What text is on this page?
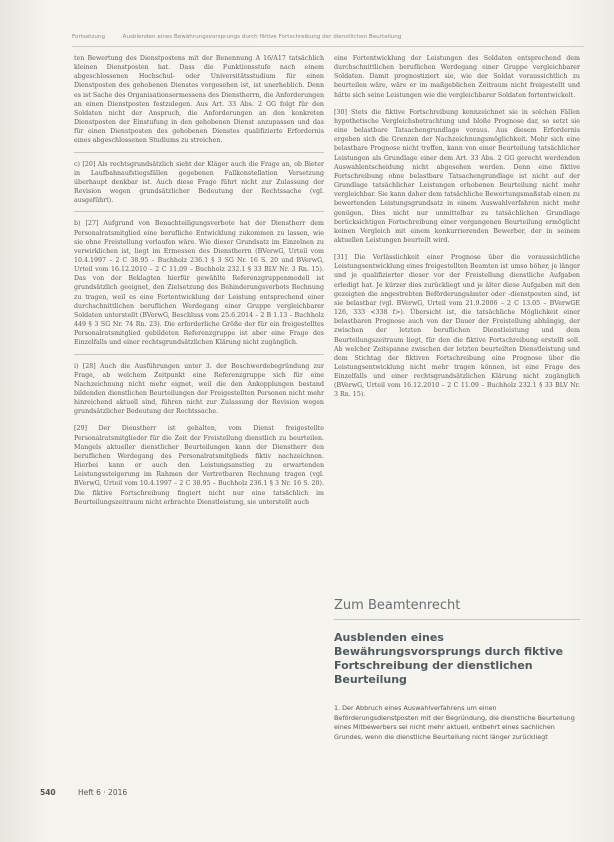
Fortsetzung	Ausblenden eines Bewährungsvorsprungs durch fiktive Fortschreibung der dienstlichen Beurteilung

ten Bewertung des Dienstpostens mit der Benennung A 16/A17 tatsächlich kleinen Dienstposten hat. Dass die Funktionsstufe nach einem abgeschlossenen Hochschul- oder Universitätsstudium für einen Dienstposten des gehobenen Dienstes vorgesehen ist, ist unerheblich. Denn es ist Sache des Organisationsermessens des Dienstherrn, die Anforderungen an einen Dienstposten festzulegen. Aus Art. 33 Abs. 2 GG folgt für den Soldaten nicht der Anspruch, die Anforderungen an den konkreten Dienstposten der Einstufung in den gehobenen Dienst anzupassen und das für einen Dienstposten des gehobenen Dienstes qualifizierte Erfordernis eines abgeschlossenen Studiums zu streichen.

c) [20] Als rechtsgrundsätzlich sieht der Kläger auch die Frage an, ob Bieter in Laufbahnaufstiegsfällen gegebenen Fallkonstellation Versetzung überhaupt denkbar ist. Auch diese Frage führt nicht zur Zulassung der Revision wegen grundsätzlicher Bedeutung der Rechtssache (vgl. ausgeführt).

b) [27] Aufgrund von Benachteiligungsverbote hat der Dienstherr dem Personalratsmitglied eine berufliche Entwicklung zukommen zu lassen, wie sie ohne Freistellung verlaufen wäre. Wie dieser Grundsatz im Einzelnen zu verwirklichen ist, liegt im Ermessen des Dienstherrn (BVerwG, Urteil vom 10.4.1997 – 2 C 38.95 – Buchholz 236.1 § 3 SG Nr. 16 S. 20 und BVerwG, Urteil vom 16.12.2010 – 2 C 11.09 – Buchholz 232.1 § 33 BLV Nr. 3 Rn. 15). Das von der Beklagten hierfür gewählte Referenzgruppenmodell ist grundsätzlich geeignet, den Zielsetzung des Behinderungsverbots Rechnung zu tragen, weil es eine Fortentwicklung der Leistung entsprechend einer durchschnittlichen beruflichen Werdegang einer Gruppe vergleichbarer Soldaten unterstellt (BVerwG, Beschluss vom 25.6.2014 – 2 B 1.13 – Buchholz 449 § 3 SG Nr. 74 Rn. 23). Die erforderliche Größe der für ein freigestelltes Personalratsmitglied gebildeten Referenzgruppe ist aber eine Frage des Einzelfalls und einer rechtsgrundsätzlichen Klärung nicht zugänglich.

i) [28] Auch die Ausführungen unter 3. der Beschwerdebegründung zur Frage, ab welchem Zeitpunkt eine Referenzgruppe sich für eine Nachzeichnung nicht mehr eignet, weil die den Ankopplungen bestand bildenden dienstlichen Beurteilungen der Freigestellten Personen nicht mehr hinreichend aktuell sind, führen nicht zur Zulassung der Revision wegen grundsätzlicher Bedeutung der Rechtssache.

[29] Der Dienstherr ist gehalten, vom Dienst freigestellte Personalratsmitglieder für die Zeit der Freistellung dienstlich zu beurteilen. Mangels aktueller dienstlicher Beurteilungen kann der Dienstherr den beruflichen Werdegang des Personalratsmitglieds fiktiv nachzeichnen. Hierbei kann er auch den Leistungsanstieg zu erwartenden Leistungssteigerung im Rahmen der Vertretbaren Rechnung tragen (vgl. BVerwG, Urteil vom 10.4.1997 – 2 C 38.95 – Buchholz 236.1 § 3 Nr. 16 S. 20). Die fiktive Fortschreibung fingiert nicht nur eine tatsächlich im Beurteilungszeitraum nicht erbrachte Dienstleistung, sie unterstellt auch

eine Fortentwicklung der Leistungen des Soldaten entsprechend dem durchschnittlichen beruflichen Werdegang einer Gruppe vergleichbarer Soldaten. Damit prognostiziert sie, wie der Soldat voraussichtlich zu beurteilen wäre, wäre er im maßgeblichen Zeitraum nicht freigestellt und hätte sich seine Leistungen wie die vergleichbarer Soldaten fortentwickelt.

[30] Stets die fiktive Fortschreibung kennzeichnet sie in solchen Fällen hypothetische Vergleichsbetrachtung und bloße Prognose dar, so setzt sie eine belastbare Tatsachengrundlage voraus. Aus diesem Erfordernis ergeben sich die Grenzen der Nachzeichnungsmöglichkeit. Mehr sich eine belastbare Prognose nicht treffen, kann von einer Beurteilung tatsächlicher Leistungen als Grundlage einer dem Art. 33 Abs. 2 GG gerecht werdenden Auswahlentscheidung nicht abgesehen werden. Denn eine fiktive Fortschreibung ohne belastbare Tatsachengrundlage ist nicht auf der Grundlage tatsächlicher Leistungen erhobenen Beurteilung nicht mehr vergleichbar. Sie kann daher dem tatsächliche Bewertungsmaßstab einen zu bewertenden Leistungsgrundsatz in einem Auswahlverfahren nicht mehr genügen. Dies nicht nur unmittelbar zu tatsächlichen Grundlage berücksichtigen Fortschreibung einer vergangenen Beurteilung ermöglicht keinen Vergleich mit einem konkurrierenden Bewerber, der in seinem aktuellen Leistungen beurteilt wird.

[31] Die Verlässlichkeit einer Prognose über die voraussichtliche Leistungsentwicklung eines freigestellten Beamten ist umso höher, je länger und je qualifizierter dieser vor der Freistellung dienstliche Aufgaben erledigt hat. Je kürzer dies zurückliegt und je älter diese Aufgaben mit den gezeigten die angestrebten Beförderungsämter oder -dienstposten sind, ist sie belastbar (vgl. BVerwG, Urteil vom 21.9.2006 – 2 C 13.05 – BVerwGE 126, 333 <338 f>). Übersicht ist, die tatsächliche Möglichkeit einer belastbaren Prognose auch von der Dauer der Freistellung abhängig, der zwischen der letzten beruflichen Dienstleistung und dem Beurteilungszeitraum liegt, für den die fiktive Fortschreibung erstellt soll. Ab welcher Zeitspanne zwischen der letzten beurteilten Dienstleistung und dem Stichtag der fiktiven Fortschreibung eine Prognose über die Leistungsentwicklung nicht mehr tragen können, ist eine Frage des Einzelfalls und einer rechtsgrundsätzlichen Klärung nicht zugänglich (BVerwG, Urteil vom 16.12.2010 – 2 C 11.09 – Buchholz 232.1 § 33 BLV Nr. 3 Rn. 15).

Zum Beamtenrecht
Ausblenden eines Bewährungsvorsprungs durch fiktive Fortschreibung der dienstlichen Beurteilung
1. Der Abbruch eines Auswahlverfahrens um einen Beförderungsdienstposten mit der Begründung, die dienstliche Beurteilung eines Mitbewerbers sei nicht mehr aktuell, entbehrt eines sachlichen Grundes, wenn die dienstliche Beurteilung nicht länger zurückliegt
540	Heft 6 · 2016
